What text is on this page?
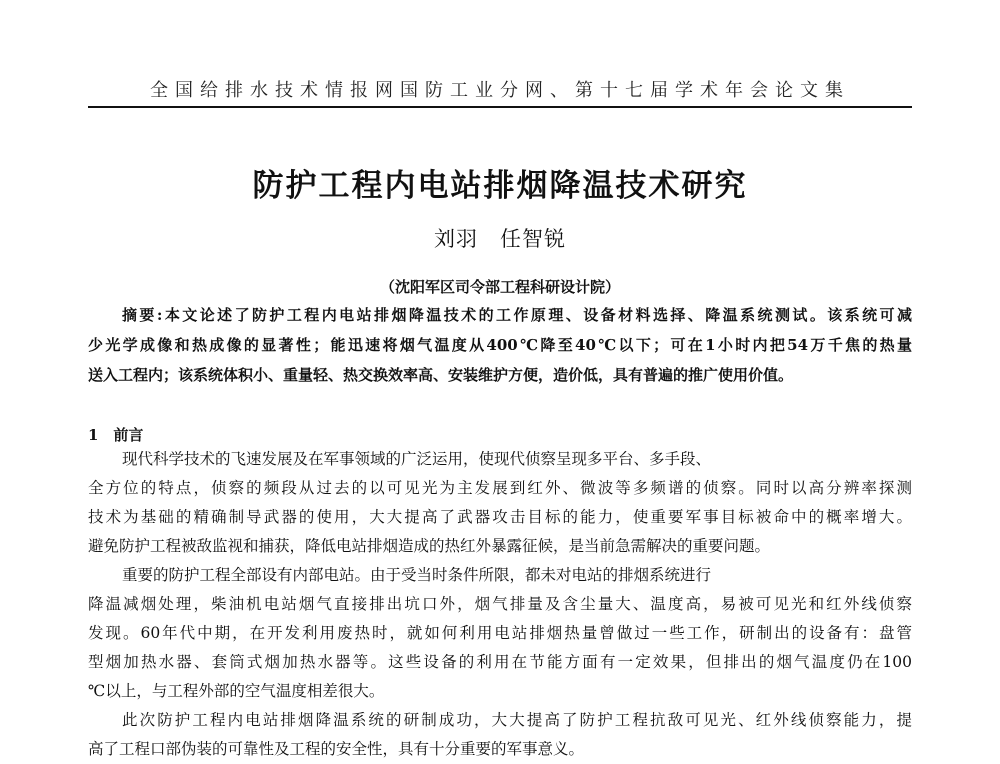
全国给排水技术情报网国防工业分网、第十七届学术年会论文集
防护工程内电站排烟降温技术研究
刘羽　任智锐
（沈阳军区司令部工程科研设计院）
摘要:本文论述了防护工程内电站排烟降温技术的工作原理、设备材料选择、降温系统测试。该系统可减
少光学成像和热成像的显著性；能迅速将烟气温度从400℃降至40℃以下；可在1小时内把54万千焦的热量
送入工程内；该系统体积小、重量轻、热交换效率高、安装维护方便，造价低，具有普遍的推广使用价值。
1　前言
现代科学技术的飞速发展及在军事领域的广泛运用，使现代侦察呈现多平台、多手段、
全方位的特点，侦察的频段从过去的以可见光为主发展到红外、微波等多频谱的侦察。同时以高分辨率探测
技术为基础的精确制导武器的使用，大大提高了武器攻击目标的能力，使重要军事目标被命中的概率增大。
避免防护工程被敌监视和捕获，降低电站排烟造成的热红外暴露征候，是当前急需解决的重要问题。
重要的防护工程全部设有内部电站。由于受当时条件所限，都未对电站的排烟系统进行
降温减烟处理，柴油机电站烟气直接排出坑口外，烟气排量及含尘量大、温度高，易被可见光和红外线侦察
发现。60年代中期，在开发利用废热时，就如何利用电站排烟热量曾做过一些工作，研制出的设备有：盘管
型烟加热水器、套筒式烟加热水器等。这些设备的利用在节能方面有一定效果，但排出的烟气温度仍在100
℃以上，与工程外部的空气温度相差很大。
此次防护工程内电站排烟降温系统的研制成功，大大提高了防护工程抗敌可见光、红外线侦察能力，提
高了工程口部伪装的可靠性及工程的安全性，具有十分重要的军事意义。
